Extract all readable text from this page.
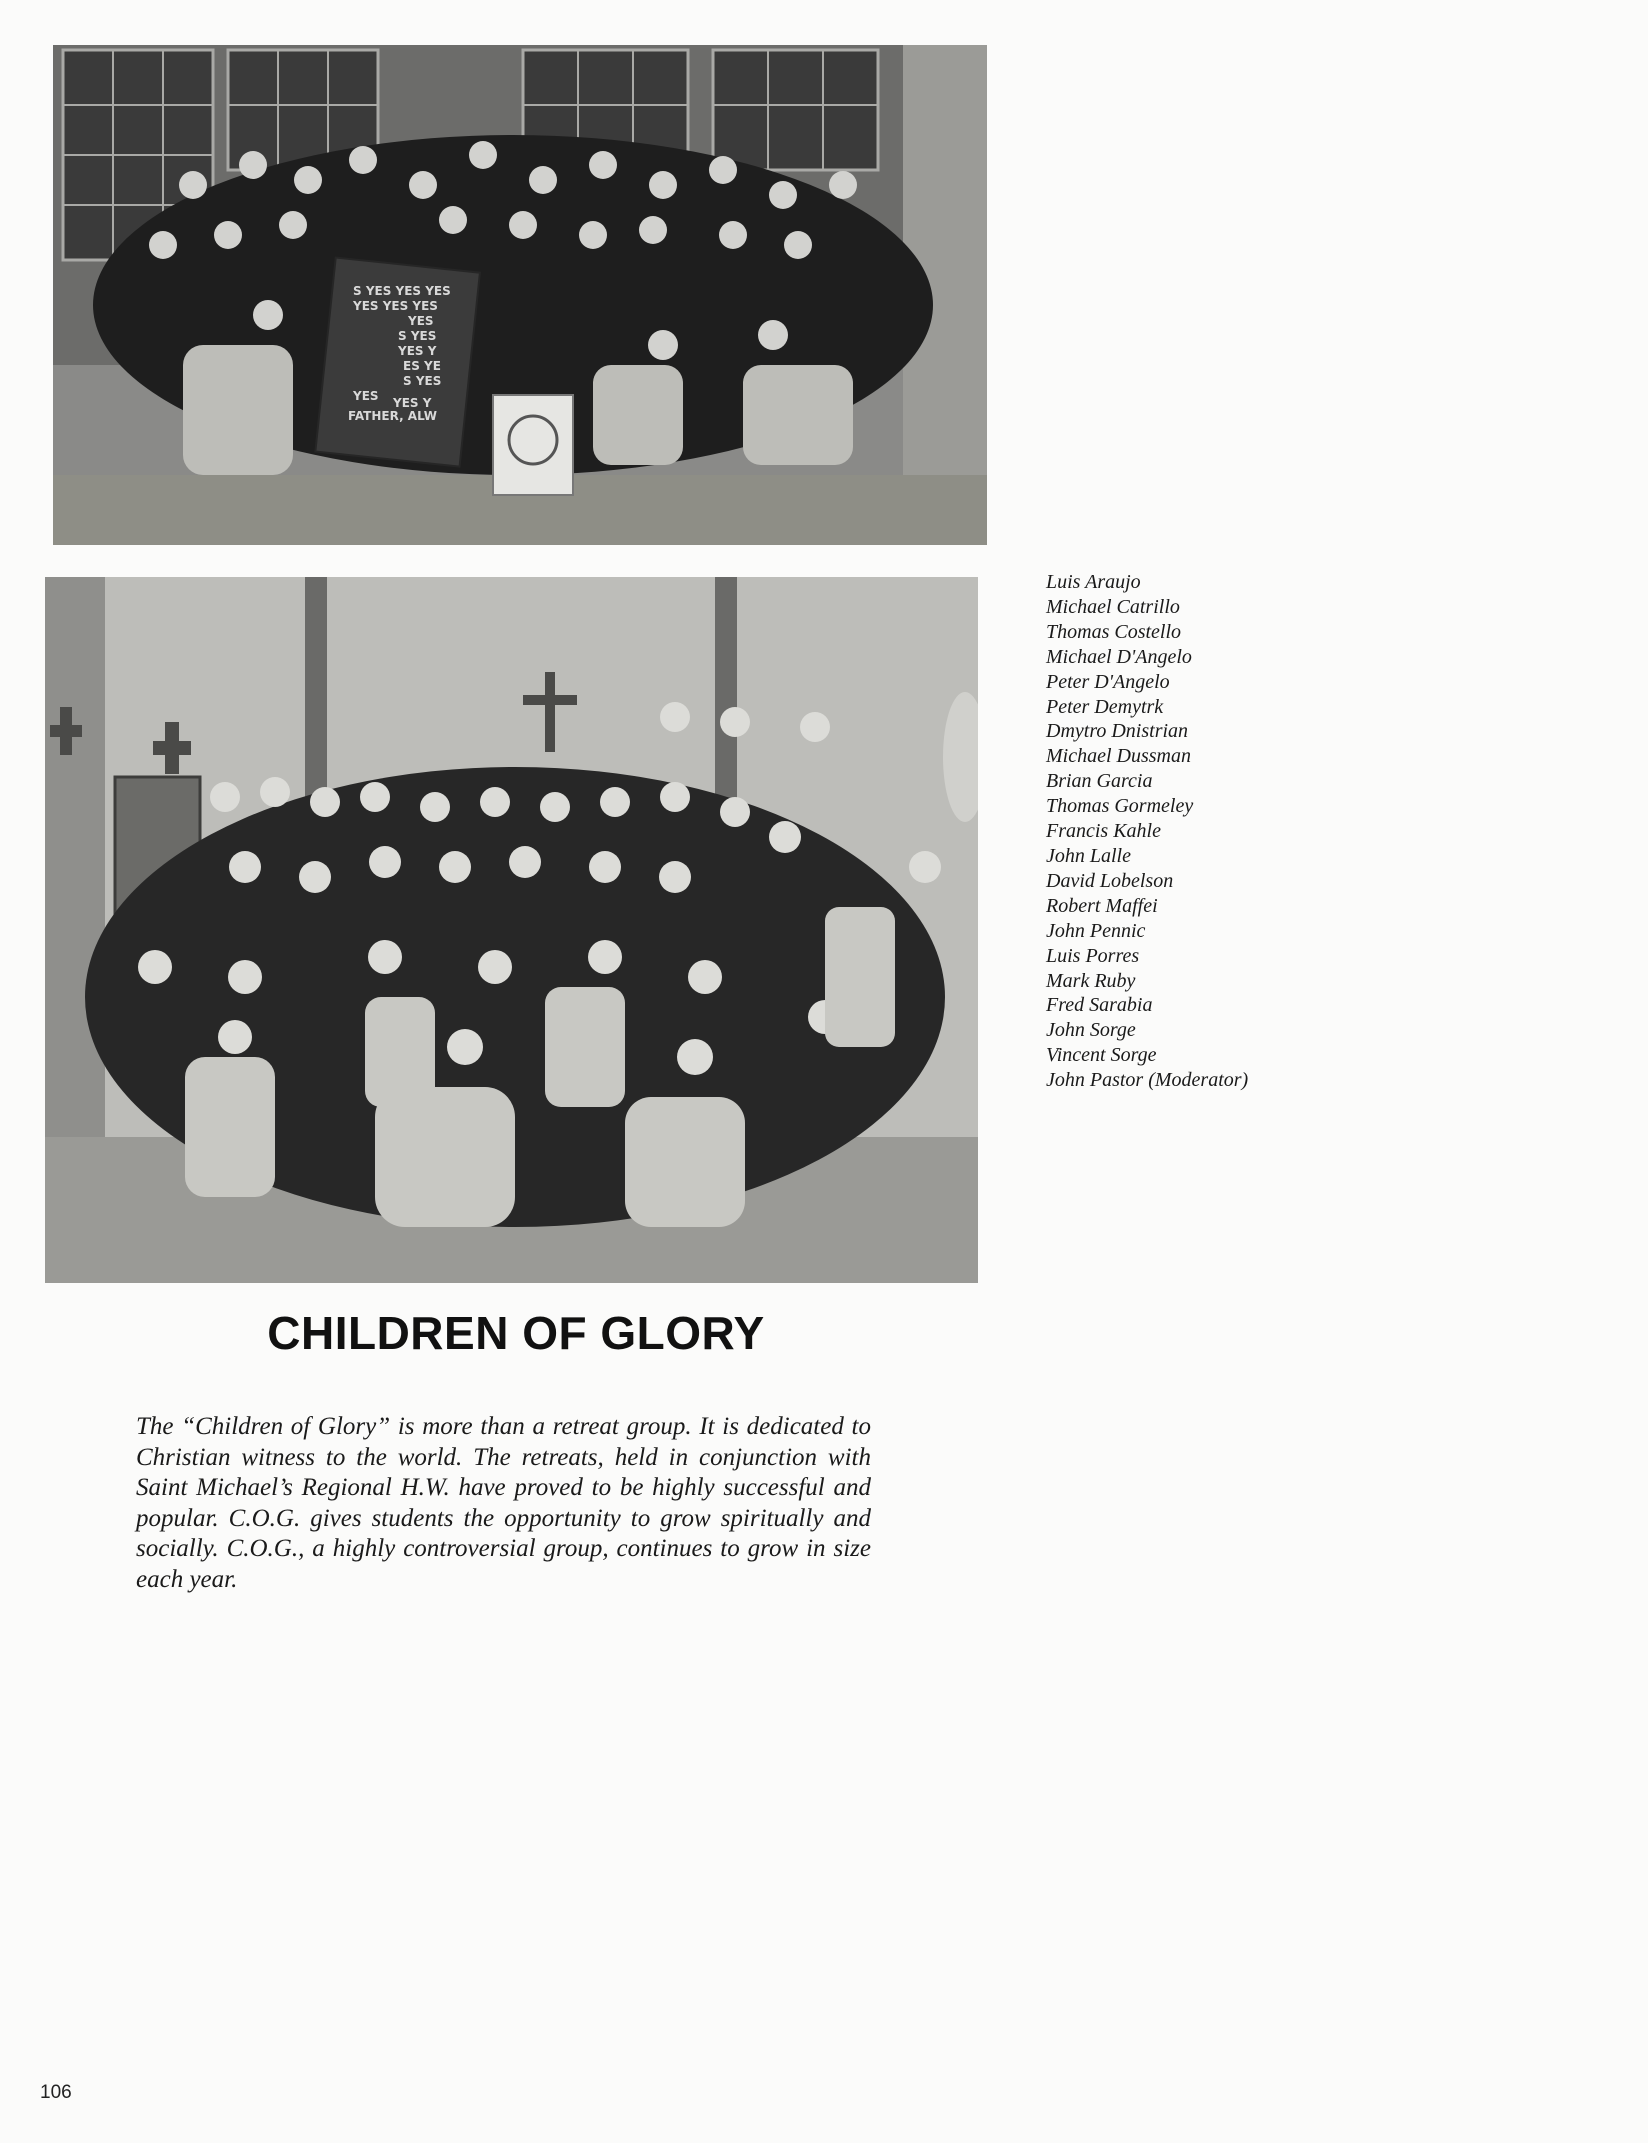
S YES YES YES
YES YES YES
YES
S YES
YES Y
ES YE
S YES
YES YES Y
FATHER, ALW
Luis Araujo
Michael Catrillo
Thomas Costello
Michael D'Angelo
Peter D'Angelo
Peter Demytrk
Dmytro Dnistrian
Michael Dussman
Brian Garcia
Thomas Gormeley
Francis Kahle
John Lalle
David Lobelson
Robert Maffei
John Pennic
Luis Porres
Mark Ruby
Fred Sarabia
John Sorge
Vincent Sorge
John Pastor (Moderator)
CHILDREN OF GLORY

The “Children of Glory” is more than a retreat group. It is dedicated to Christian witness to the world. The retreats, held in conjunction with Saint Michael’s Regional H.W. have proved to be highly successful and popular. C.O.G. gives students the opportunity to grow spiritually and socially. C.O.G., a highly controversial group, continues to grow in size each year.

106
